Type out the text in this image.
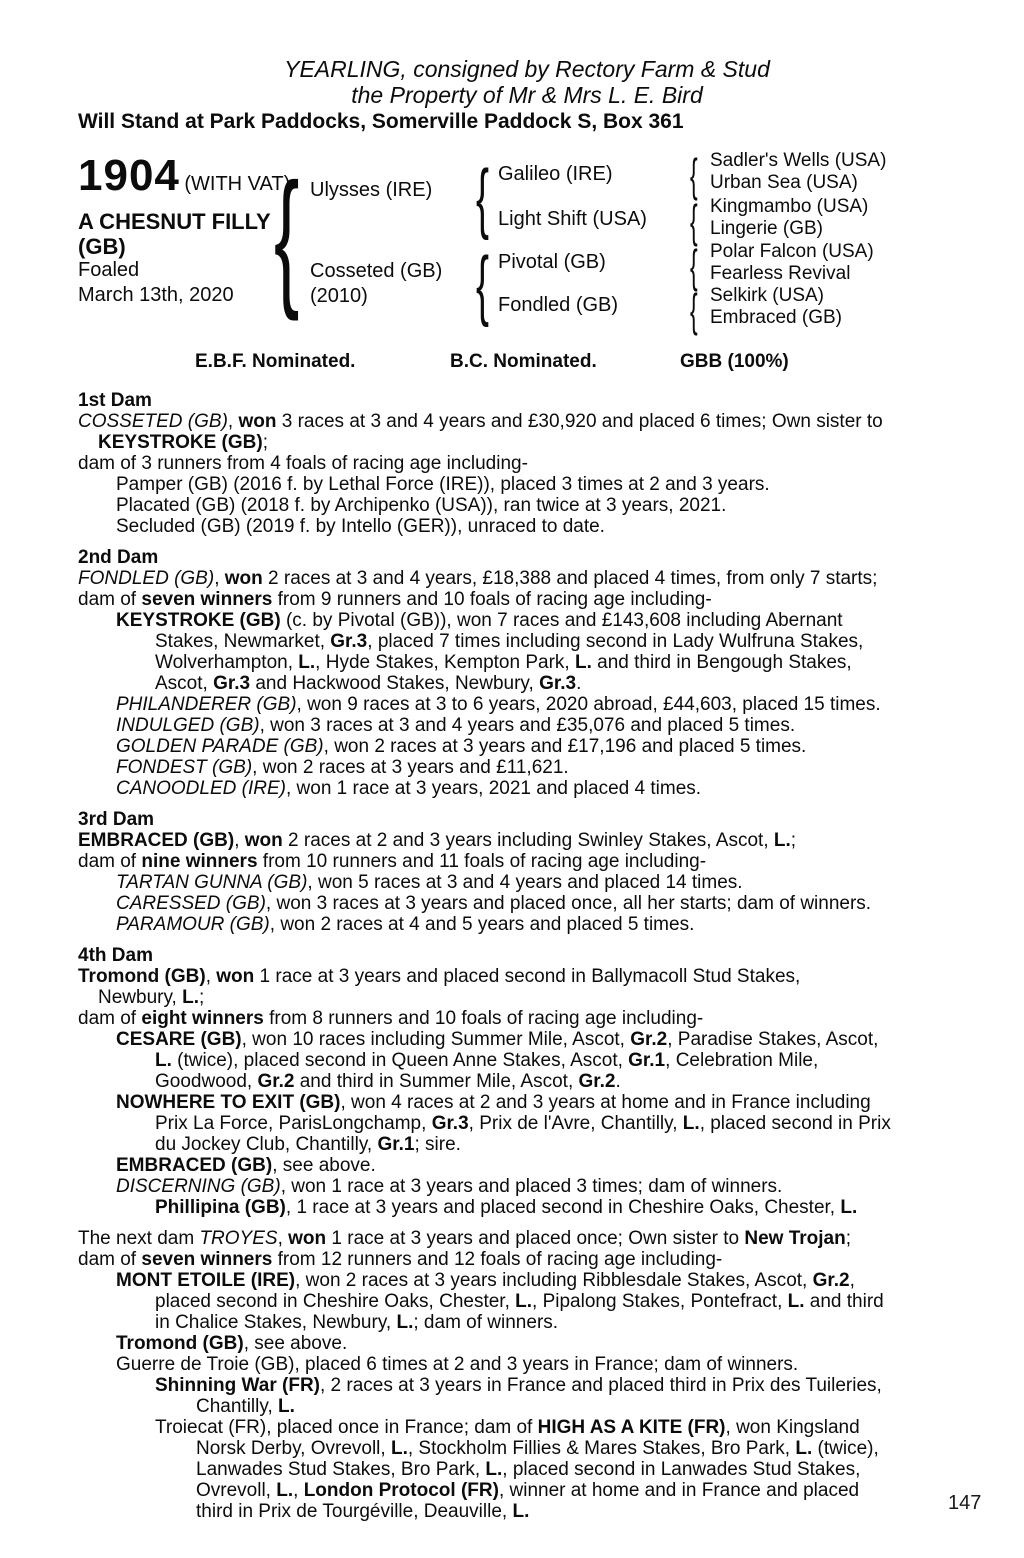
YEARLING, consigned by Rectory Farm & Stud
the Property of Mr & Mrs L. E. Bird
Will Stand at Park Paddocks, Somerville Paddock S, Box 361
1904 (WITH VAT)
A CHESNUT FILLY (GB)
Foaled
March 13th, 2020
{
Ulysses (IRE)
Cosseted (GB)
(2010)
{
{
Galileo (IRE)
Light Shift (USA)
Pivotal (GB)
Fondled (GB)
{
{
{
{
Sadler's Wells (USA)
Urban Sea (USA)
Kingmambo (USA)
Lingerie (GB)
Polar Falcon (USA)
Fearless Revival
Selkirk (USA)
Embraced (GB)
E.B.F. Nominated.	B.C. Nominated.	GBB (100%)
1st Dam
COSSETED (GB), won 3 races at 3 and 4 years and £30,920 and placed 6 times; Own sister to
KEYSTROKE (GB);
dam of 3 runners from 4 foals of racing age including-
Pamper (GB) (2016 f. by Lethal Force (IRE)), placed 3 times at 2 and 3 years.
Placated (GB) (2018 f. by Archipenko (USA)), ran twice at 3 years, 2021.
Secluded (GB) (2019 f. by Intello (GER)), unraced to date.
2nd Dam
FONDLED (GB), won 2 races at 3 and 4 years, £18,388 and placed 4 times, from only 7 starts;
dam of seven winners from 9 runners and 10 foals of racing age including-
KEYSTROKE (GB) (c. by Pivotal (GB)), won 7 races and £143,608 including Abernant
Stakes, Newmarket, Gr.3, placed 7 times including second in Lady Wulfruna Stakes,
Wolverhampton, L., Hyde Stakes, Kempton Park, L. and third in Bengough Stakes,
Ascot, Gr.3 and Hackwood Stakes, Newbury, Gr.3.
PHILANDERER (GB), won 9 races at 3 to 6 years, 2020 abroad, £44,603, placed 15 times.
INDULGED (GB), won 3 races at 3 and 4 years and £35,076 and placed 5 times.
GOLDEN PARADE (GB), won 2 races at 3 years and £17,196 and placed 5 times.
FONDEST (GB), won 2 races at 3 years and £11,621.
CANOODLED (IRE), won 1 race at 3 years, 2021 and placed 4 times.
3rd Dam
EMBRACED (GB), won 2 races at 2 and 3 years including Swinley Stakes, Ascot, L.;
dam of nine winners from 10 runners and 11 foals of racing age including-
TARTAN GUNNA (GB), won 5 races at 3 and 4 years and placed 14 times.
CARESSED (GB), won 3 races at 3 years and placed once, all her starts; dam of winners.
PARAMOUR (GB), won 2 races at 4 and 5 years and placed 5 times.
4th Dam
Tromond (GB), won 1 race at 3 years and placed second in Ballymacoll Stud Stakes,
Newbury, L.;
dam of eight winners from 8 runners and 10 foals of racing age including-
CESARE (GB), won 10 races including Summer Mile, Ascot, Gr.2, Paradise Stakes, Ascot,
L. (twice), placed second in Queen Anne Stakes, Ascot, Gr.1, Celebration Mile,
Goodwood, Gr.2 and third in Summer Mile, Ascot, Gr.2.
NOWHERE TO EXIT (GB), won 4 races at 2 and 3 years at home and in France including
Prix La Force, ParisLongchamp, Gr.3, Prix de l'Avre, Chantilly, L., placed second in Prix
du Jockey Club, Chantilly, Gr.1; sire.
EMBRACED (GB), see above.
DISCERNING (GB), won 1 race at 3 years and placed 3 times; dam of winners.
Phillipina (GB), 1 race at 3 years and placed second in Cheshire Oaks, Chester, L.
The next dam TROYES, won 1 race at 3 years and placed once; Own sister to New Trojan;
dam of seven winners from 12 runners and 12 foals of racing age including-
MONT ETOILE (IRE), won 2 races at 3 years including Ribblesdale Stakes, Ascot, Gr.2,
placed second in Cheshire Oaks, Chester, L., Pipalong Stakes, Pontefract, L. and third
in Chalice Stakes, Newbury, L.; dam of winners.
Tromond (GB), see above.
Guerre de Troie (GB), placed 6 times at 2 and 3 years in France; dam of winners.
Shinning War (FR), 2 races at 3 years in France and placed third in Prix des Tuileries,
Chantilly, L.
Troiecat (FR), placed once in France; dam of HIGH AS A KITE (FR), won Kingsland
Norsk Derby, Ovrevoll, L., Stockholm Fillies & Mares Stakes, Bro Park, L. (twice),
Lanwades Stud Stakes, Bro Park, L., placed second in Lanwades Stud Stakes,
Ovrevoll, L., London Protocol (FR), winner at home and in France and placed
third in Prix de Tourgéville, Deauville, L.	147
